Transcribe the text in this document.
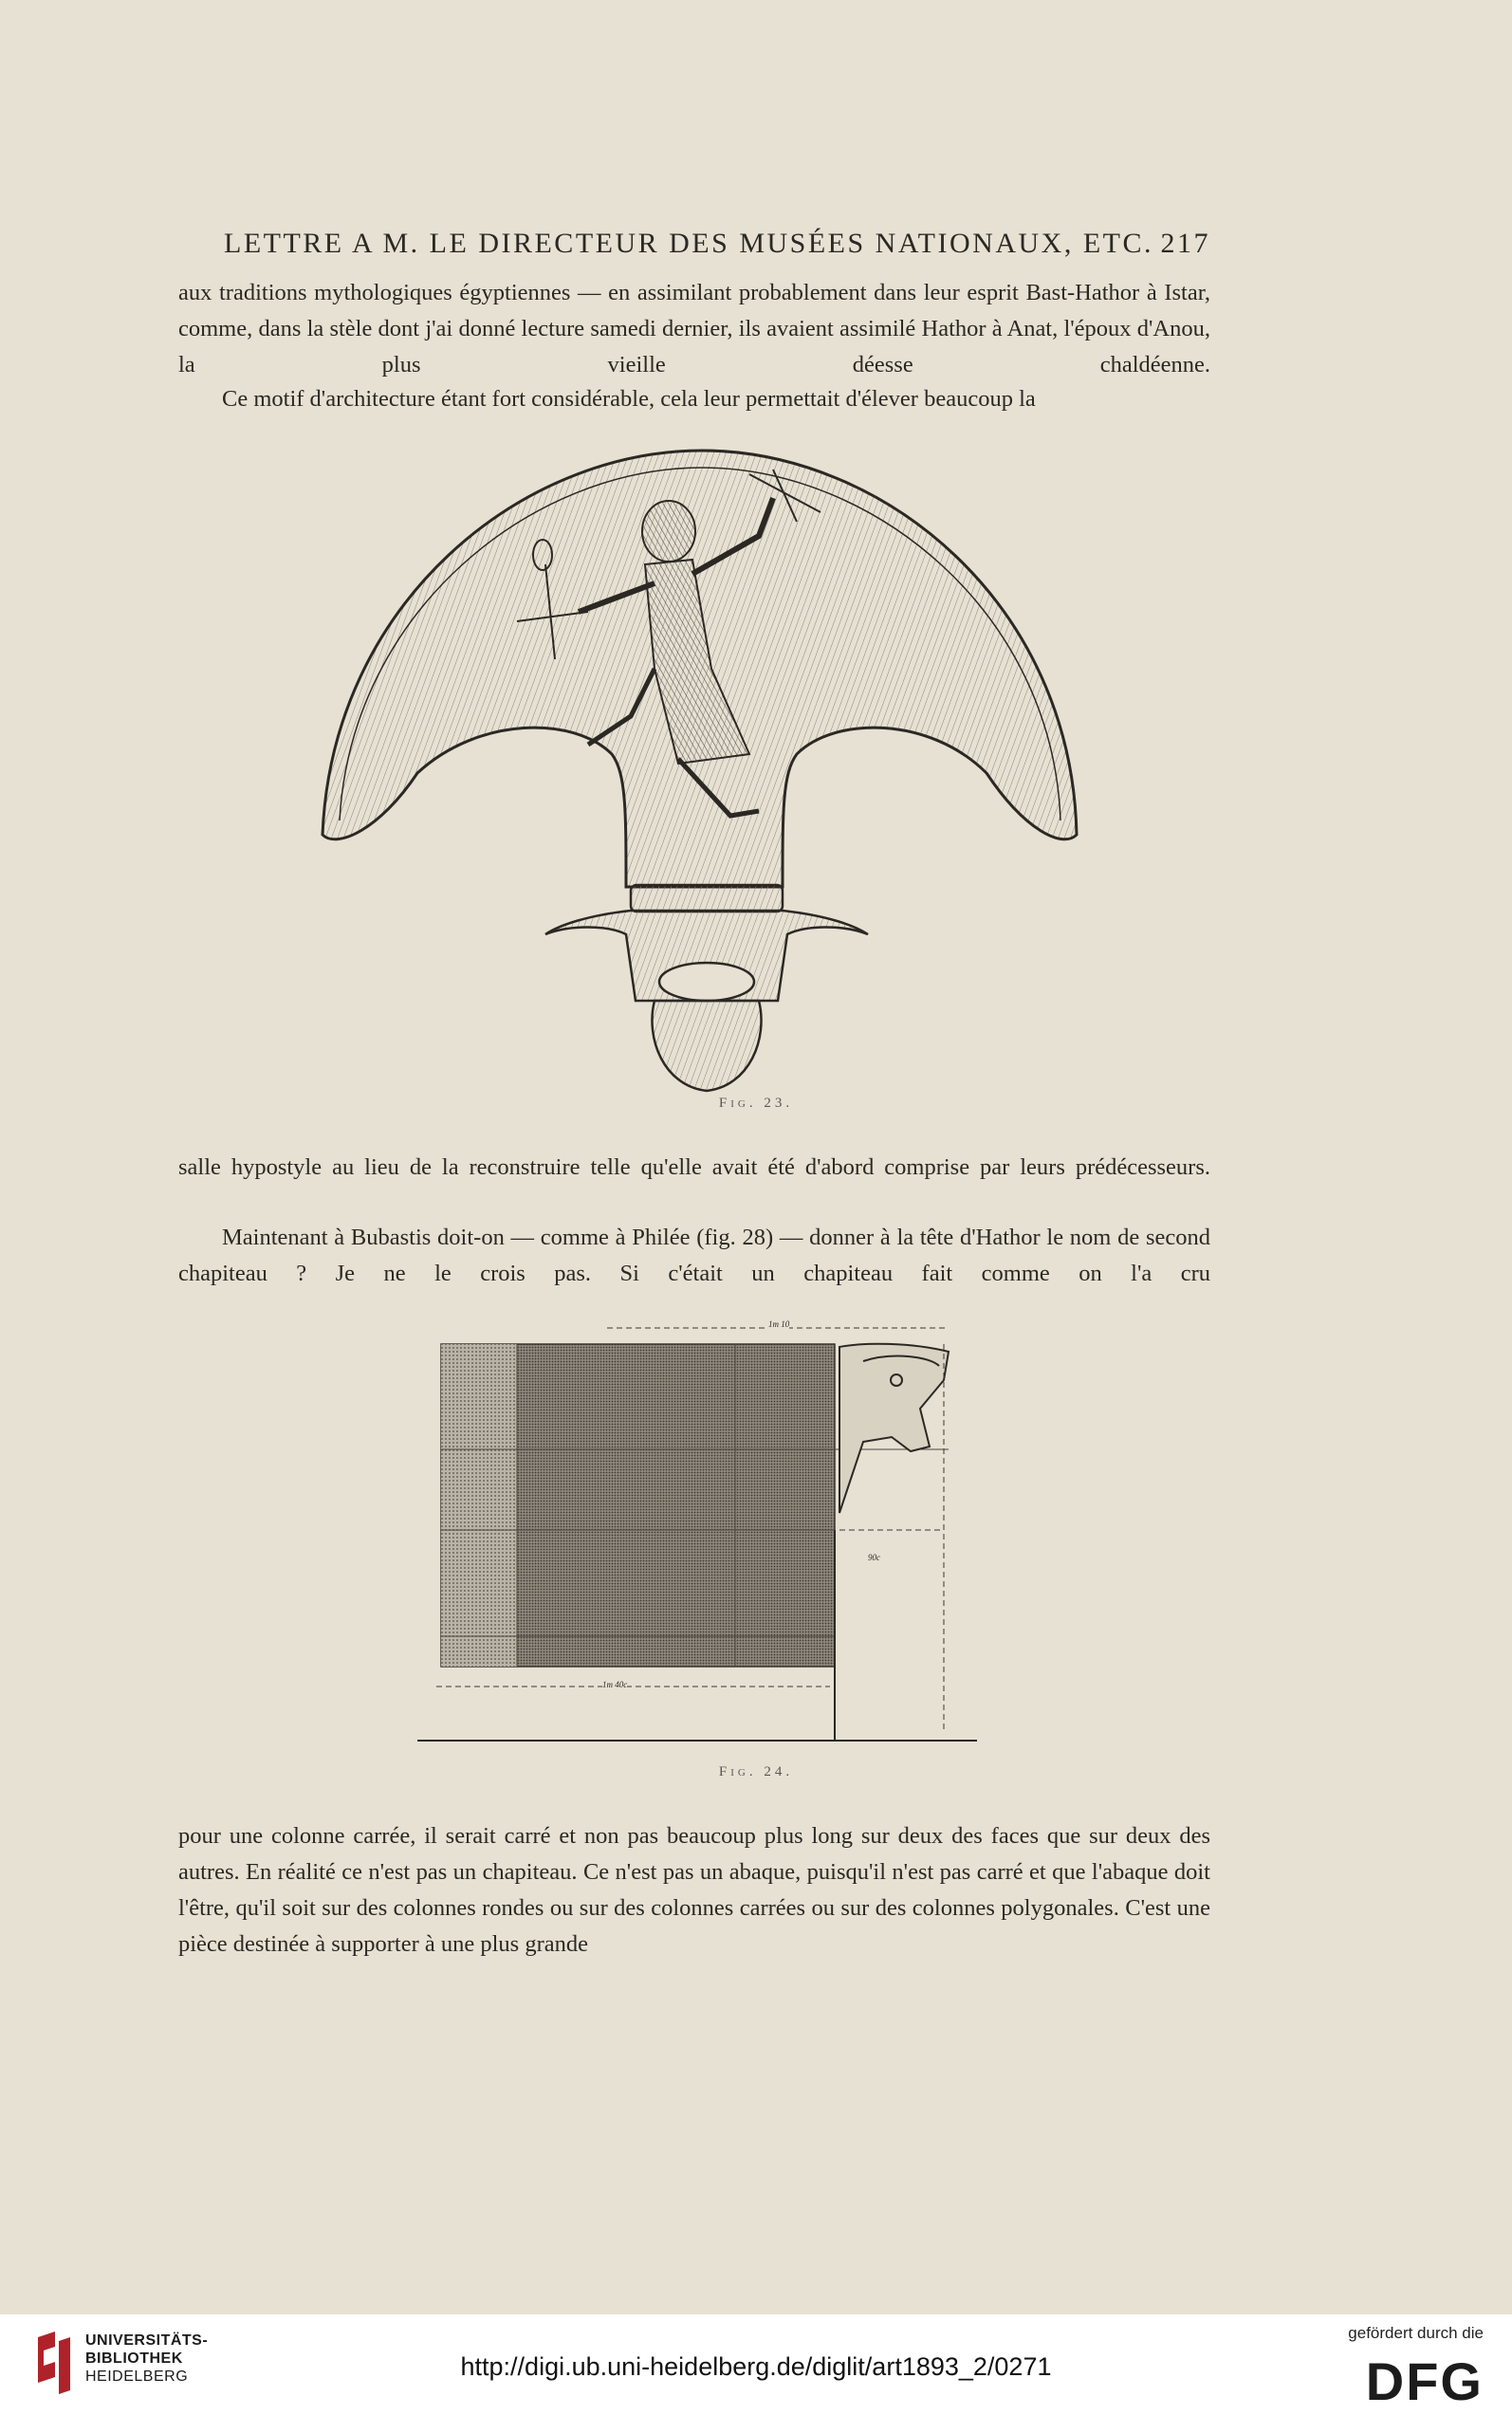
LETTRE A M. LE DIRECTEUR DES MUSÉES NATIONAUX, ETC. 217
aux traditions mythologiques égyptiennes — en assimilant probablement dans leur esprit Bast-Hathor à Istar, comme, dans la stèle dont j'ai donné lecture samedi dernier, ils avaient assimilé Hathor à Anat, l'époux d'Anou, la plus vieille déesse chaldéenne.
Ce motif d'architecture étant fort considérable, cela leur permettait d'élever beaucoup la
Fig. 23.
salle hypostyle au lieu de la reconstruire telle qu'elle avait été d'abord comprise par leurs prédécesseurs.
Maintenant à Bubastis doit-on — comme à Philée (fig. 28) — donner à la tête d'Hathor le nom de second chapiteau ? Je ne le crois pas. Si c'était un chapiteau fait comme on l'a cru
1m 10
90c
1m 40c
Fig. 24.
pour une colonne carrée, il serait carré et non pas beaucoup plus long sur deux des faces que sur deux des autres. En réalité ce n'est pas un chapiteau. Ce n'est pas un abaque, puisqu'il n'est pas carré et que l'abaque doit l'être, qu'il soit sur des colonnes rondes ou sur des colonnes carrées ou sur des colonnes polygonales. C'est une pièce destinée à supporter à une plus grande
UNIVERSITÄTS-
BIBLIOTHEK
HEIDELBERG	http://digi.ub.uni-heidelberg.de/diglit/art1893_2/0271
gefördert durch die
DFG
